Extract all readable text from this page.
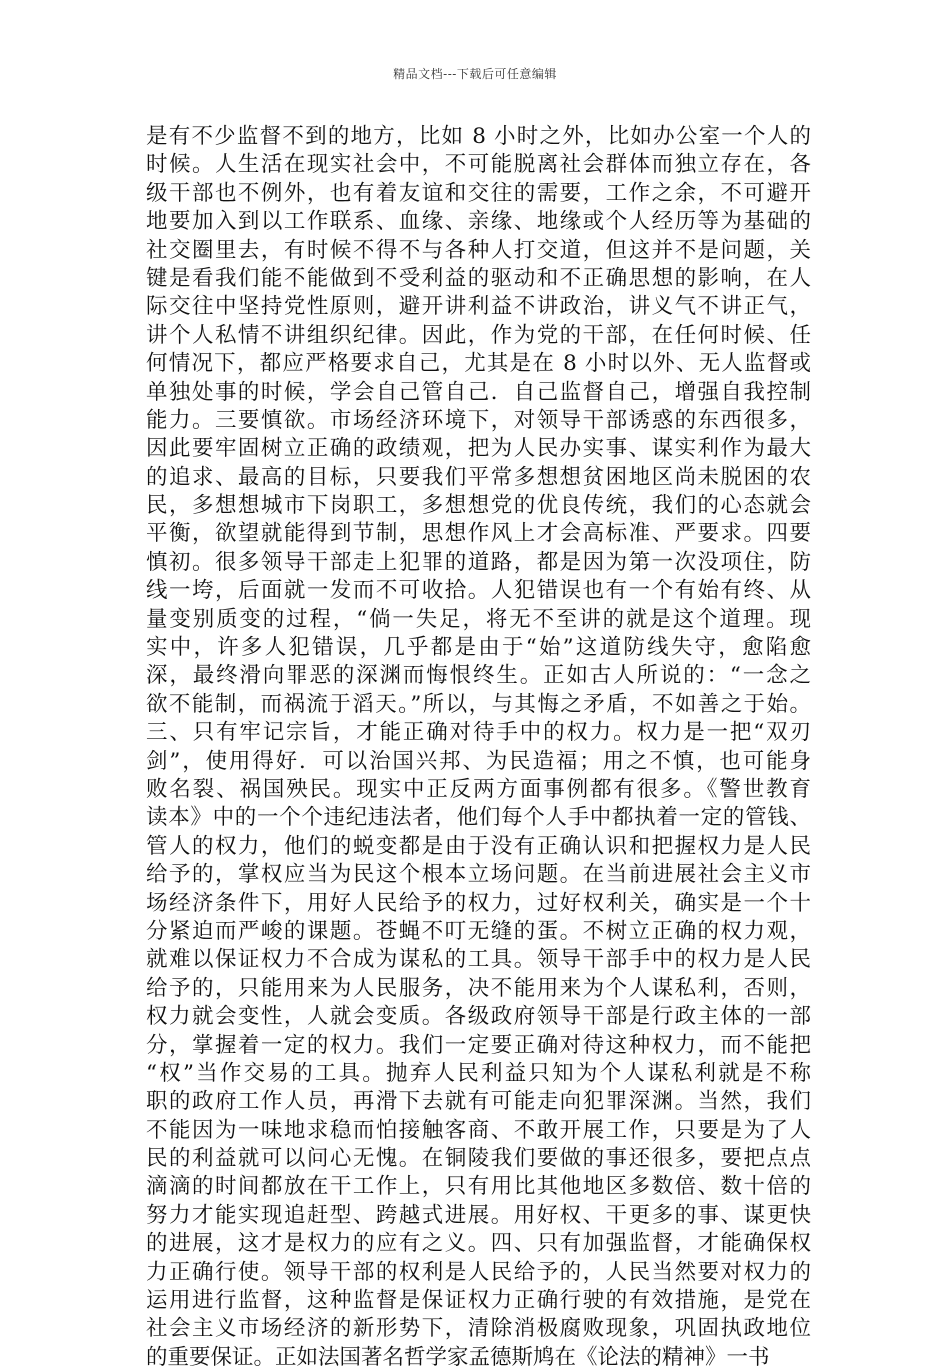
精品文档---下载后可任意编辑
是有不少监督不到的地方，比如 8 小时之外，比如办公室一个人的
时候。人生活在现实社会中，不可能脱离社会群体而独立存在，各
级干部也不例外，也有着友谊和交往的需要，工作之余，不可避开
地要加入到以工作联系、血缘、亲缘、地缘或个人经历等为基础的
社交圈里去，有时候不得不与各种人打交道，但这并不是问题，关
键是看我们能不能做到不受利益的驱动和不正确思想的影响，在人
际交往中坚持党性原则，避开讲利益不讲政治，讲义气不讲正气，
讲个人私情不讲组织纪律。因此，作为党的干部，在任何时候、任
何情况下，都应严格要求自己，尤其是在 8 小时以外、无人监督或
单独处事的时候，学会自己管自己．自己监督自己，增强自我控制
能力。三要慎欲。市场经济环境下，对领导干部诱惑的东西很多，
因此要牢固树立正确的政绩观，把为人民办实事、谋实利作为最大
的追求、最高的目标，只要我们平常多想想贫困地区尚未脱困的农
民，多想想城市下岗职工，多想想党的优良传统，我们的心态就会
平衡，欲望就能得到节制，思想作风上才会高标准、严要求。四要
慎初。很多领导干部走上犯罪的道路，都是因为第一次没项住，防
线一垮，后面就一发而不可收拾。人犯错误也有一个有始有终、从
量变别质变的过程，“倘一失足，将无不至讲的就是这个道理。现
实中，许多人犯错误，几乎都是由于“始”这道防线失守，愈陷愈
深，最终滑向罪恶的深渊而悔恨终生。正如古人所说的：“一念之
欲不能制，而祸流于滔天。”所以，与其悔之矛盾，不如善之于始。
三、只有牢记宗旨，才能正确对待手中的权力。权力是一把“双刃
剑”，使用得好．可以治国兴邦、为民造福；用之不慎，也可能身
败名裂、祸国殃民。现实中正反两方面事例都有很多。《警世教育
读本》中的一个个违纪违法者，他们每个人手中都执着一定的管钱、
管人的权力，他们的蜕变都是由于没有正确认识和把握权力是人民
给予的，掌权应当为民这个根本立场问题。在当前进展社会主义市
场经济条件下，用好人民给予的权力，过好权利关，确实是一个十
分紧迫而严峻的课题。苍蝇不叮无缝的蛋。不树立正确的权力观，
就难以保证权力不合成为谋私的工具。领导干部手中的权力是人民
给予的，只能用来为人民服务，决不能用来为个人谋私利，否则，
权力就会变性，人就会变质。各级政府领导干部是行政主体的一部
分，掌握着一定的权力。我们一定要正确对待这种权力，而不能把
“权”当作交易的工具。抛弃人民利益只知为个人谋私利就是不称
职的政府工作人员，再滑下去就有可能走向犯罪深渊。当然，我们
不能因为一味地求稳而怕接触客商、不敢开展工作，只要是为了人
民的利益就可以问心无愧。在铜陵我们要做的事还很多，要把点点
滴滴的时间都放在干工作上，只有用比其他地区多数倍、数十倍的
努力才能实现追赶型、跨越式进展。用好权、干更多的事、谋更快
的进展，这才是权力的应有之义。四、只有加强监督，才能确保权
力正确行使。领导干部的权利是人民给予的，人民当然要对权力的
运用进行监督，这种监督是保证权力正确行驶的有效措施，是党在
社会主义市场经济的新形势下，清除消极腐败现象，巩固执政地位
的重要保证。正如法国著名哲学家孟德斯鸠在《论法的精神》一书
